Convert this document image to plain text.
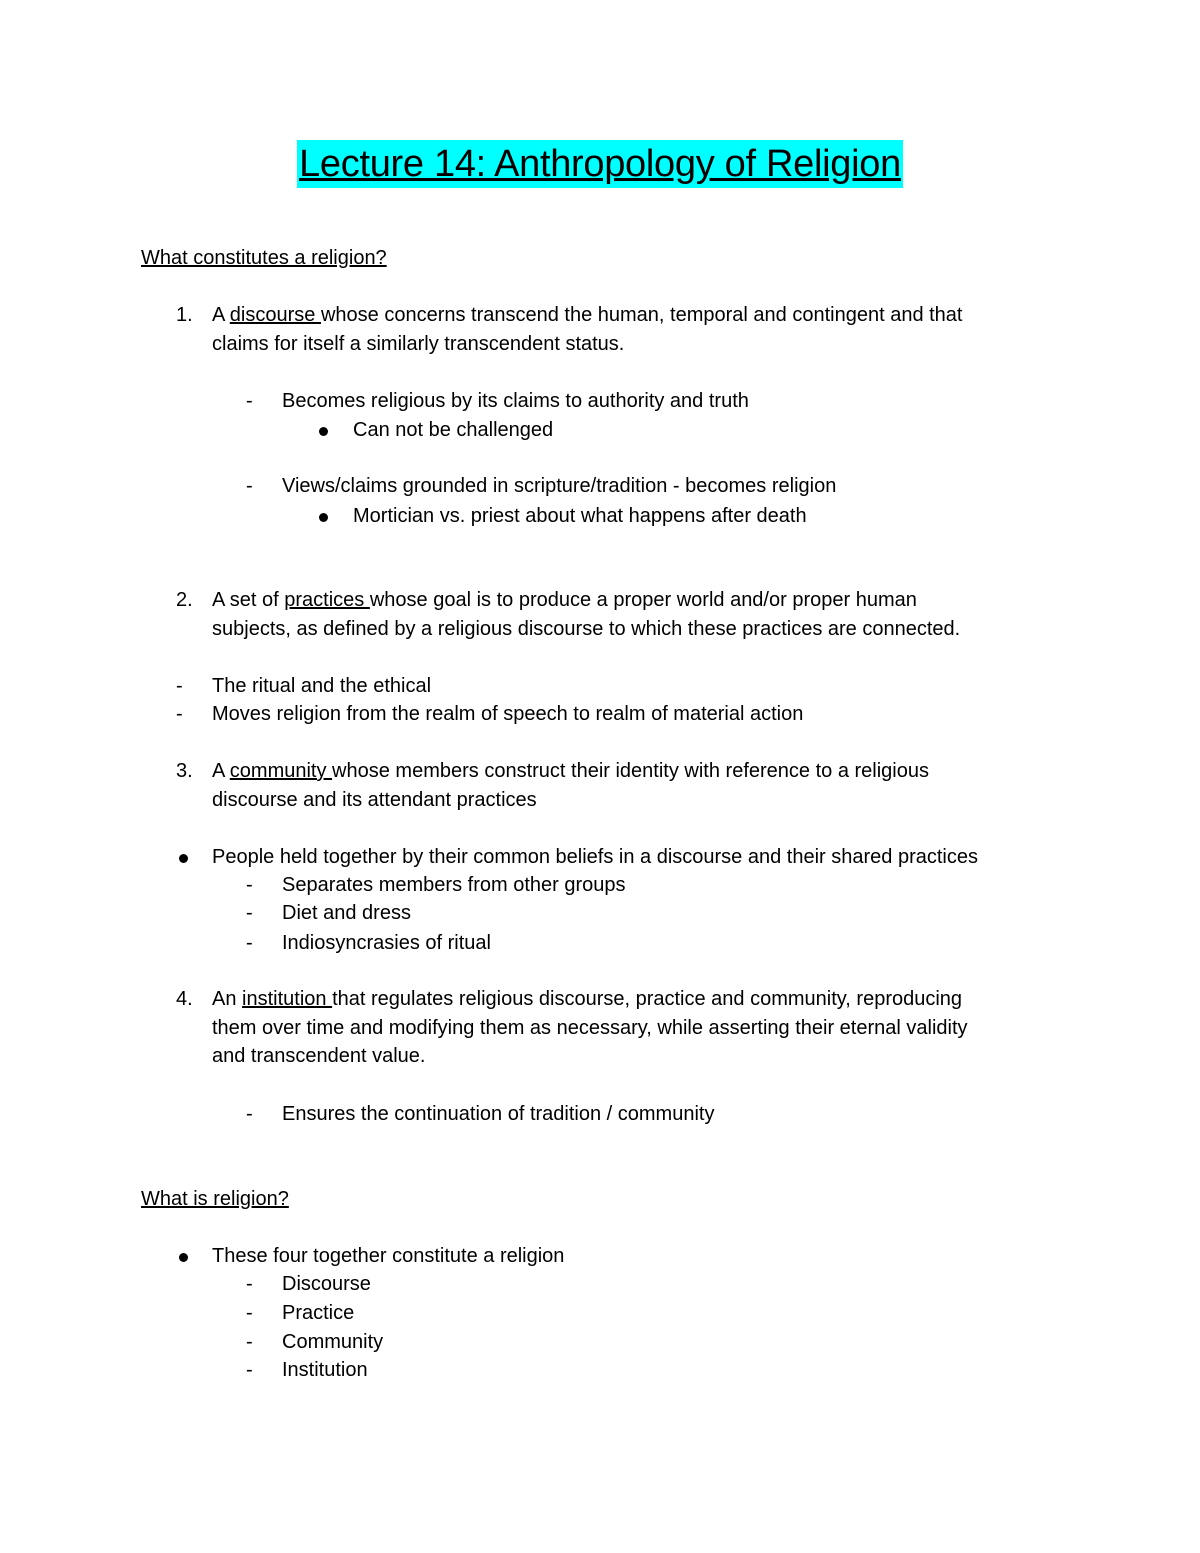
Lecture 14: Anthropology of Religion
What constitutes a religion?
1. A discourse whose concerns transcend the human, temporal and contingent and that
claims for itself a similarly transcendent status.
- Becomes religious by its claims to authority and truth
Can not be challenged
- Views/claims grounded in scripture/tradition - becomes religion
Mortician vs. priest about what happens after death
2. A set of practices whose goal is to produce a proper world and/or proper human
subjects, as defined by a religious discourse to which these practices are connected.
- The ritual and the ethical
- Moves religion from the realm of speech to realm of material action
3. A community whose members construct their identity with reference to a religious
discourse and its attendant practices
People held together by their common beliefs in a discourse and their shared practices
- Separates members from other groups
- Diet and dress
- Indiosyncrasies of ritual
4. An institution that regulates religious discourse, practice and community, reproducing
them over time and modifying them as necessary, while asserting their eternal validity
and transcendent value.
- Ensures the continuation of tradition / community
What is religion?
These four together constitute a religion
- Discourse
- Practice
- Community
- Institution
